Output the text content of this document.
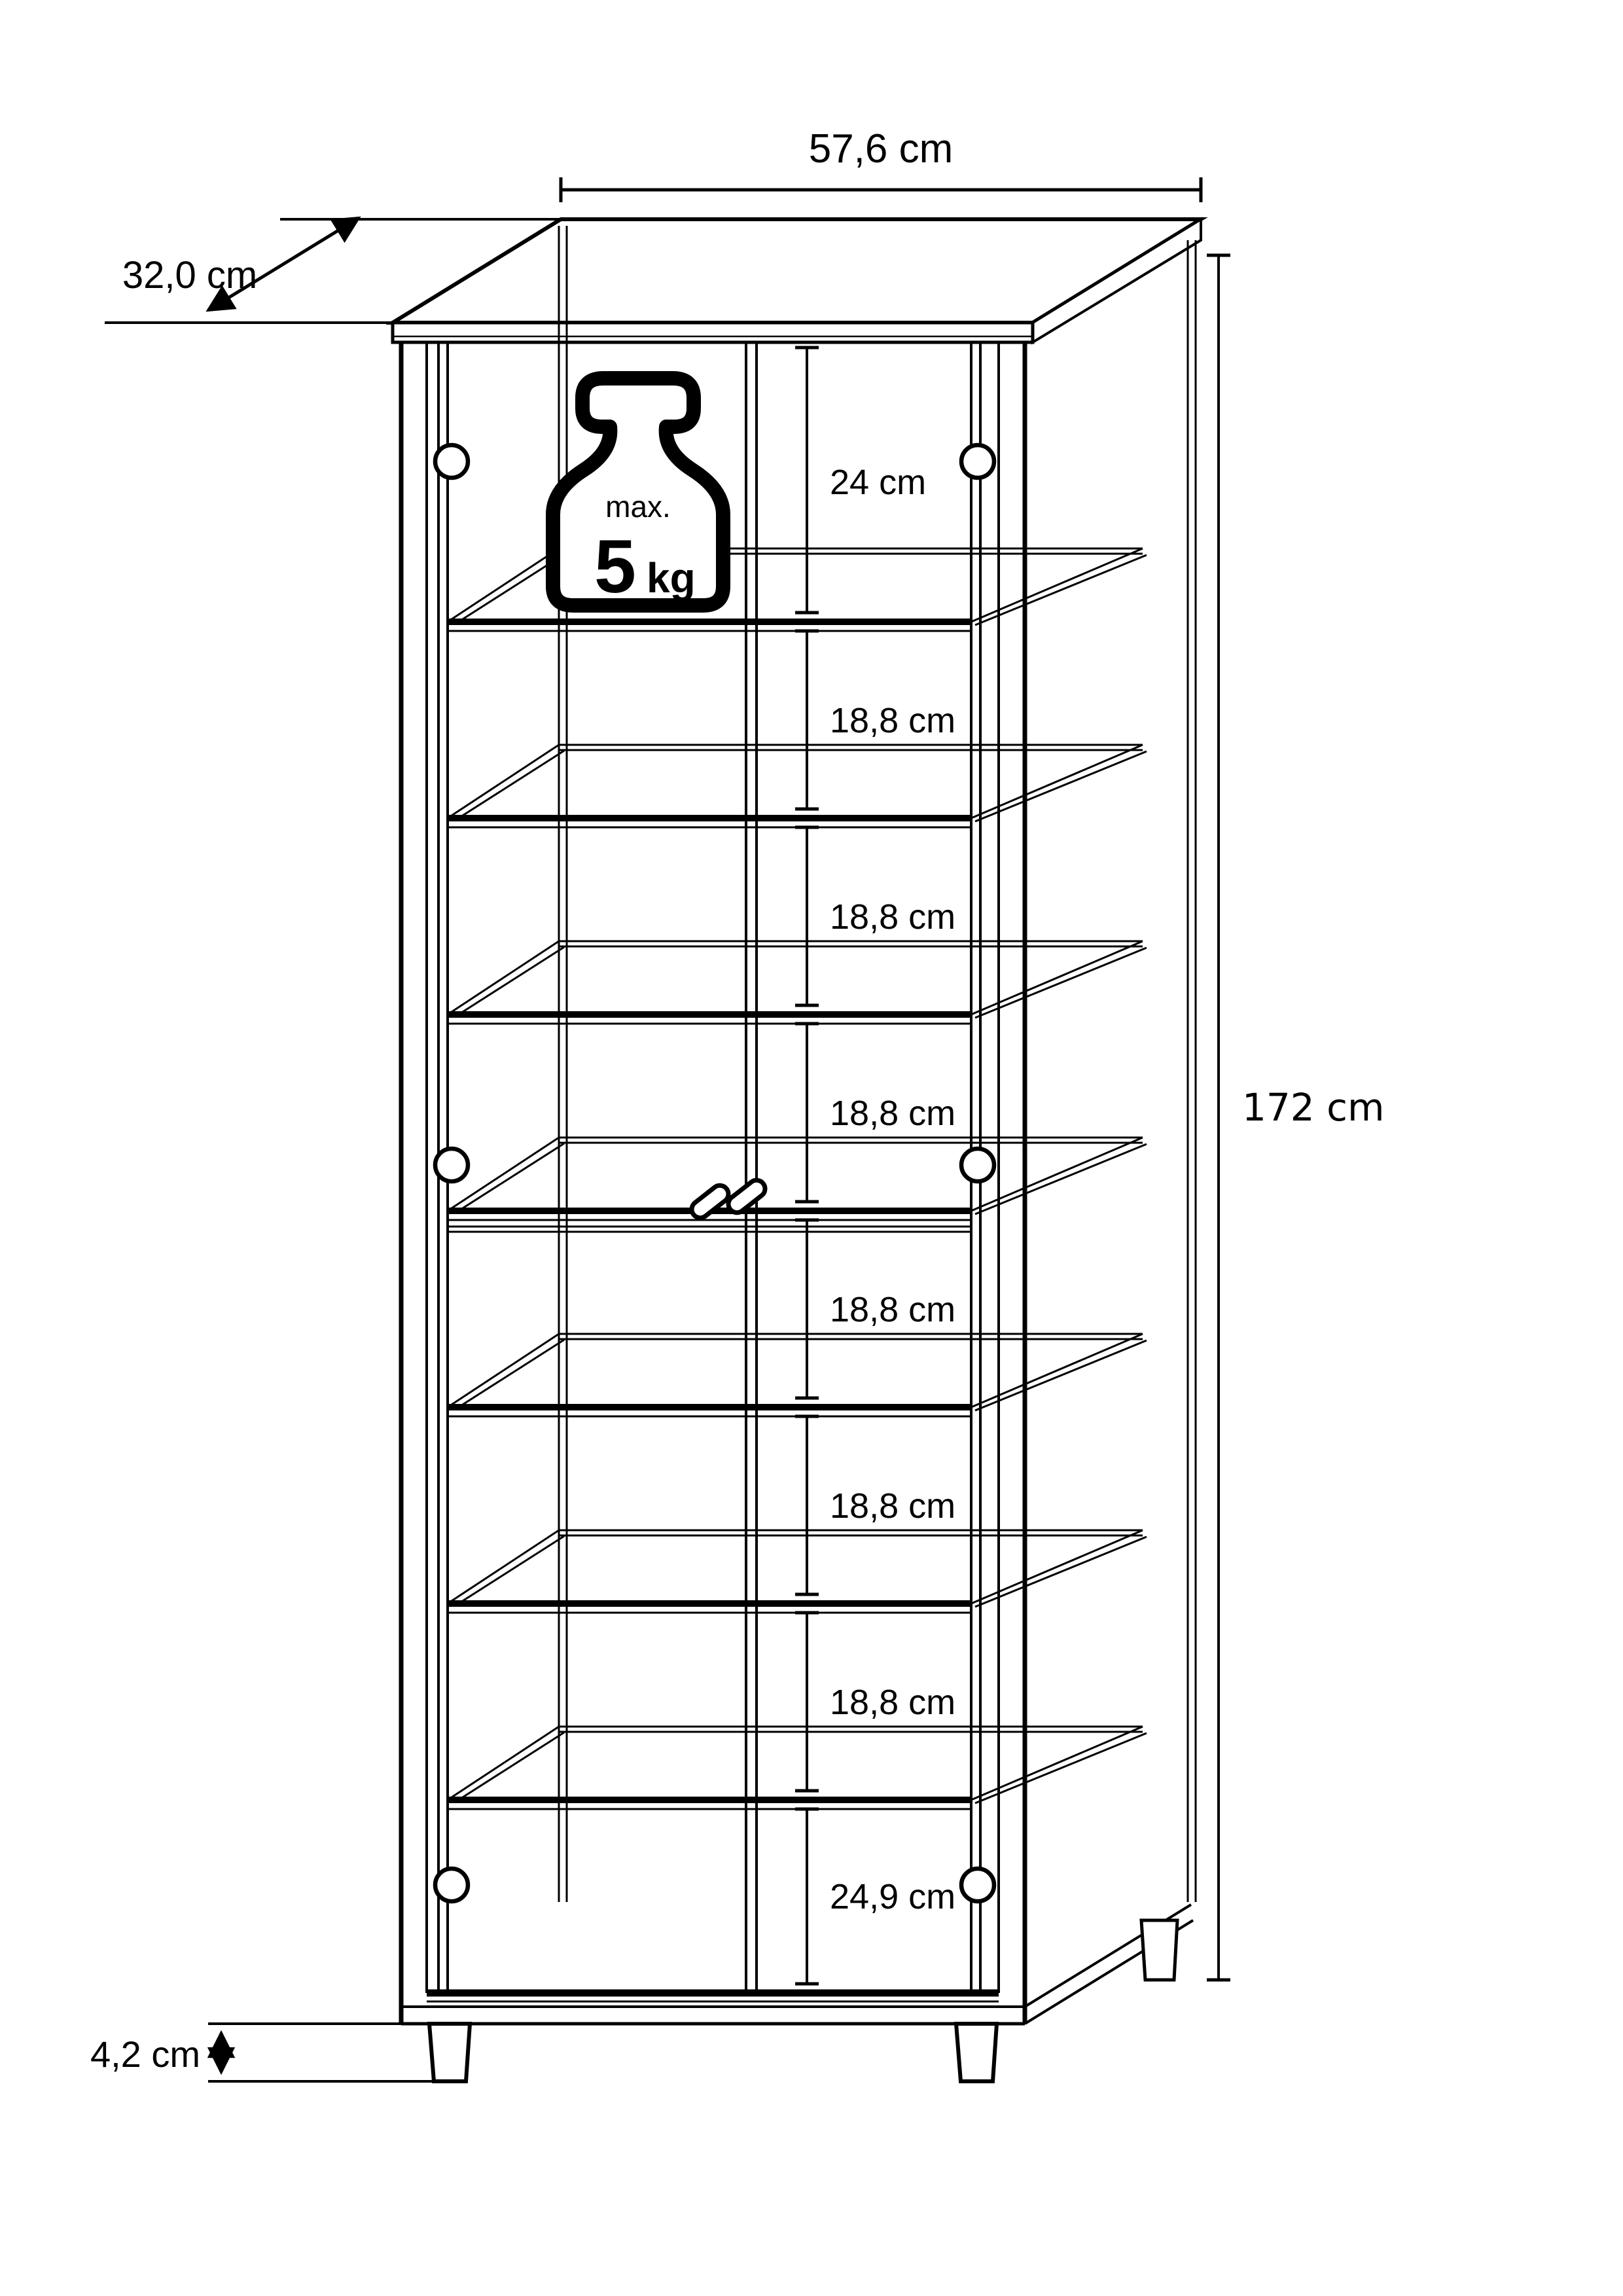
57,6 cm
32,0 cm
max.
5 kg
24 cm
18,8 cm
18,8 cm
18,8 cm
18,8 cm
18,8 cm
18,8 cm
24,9 cm
172 cm
4,2 cm
